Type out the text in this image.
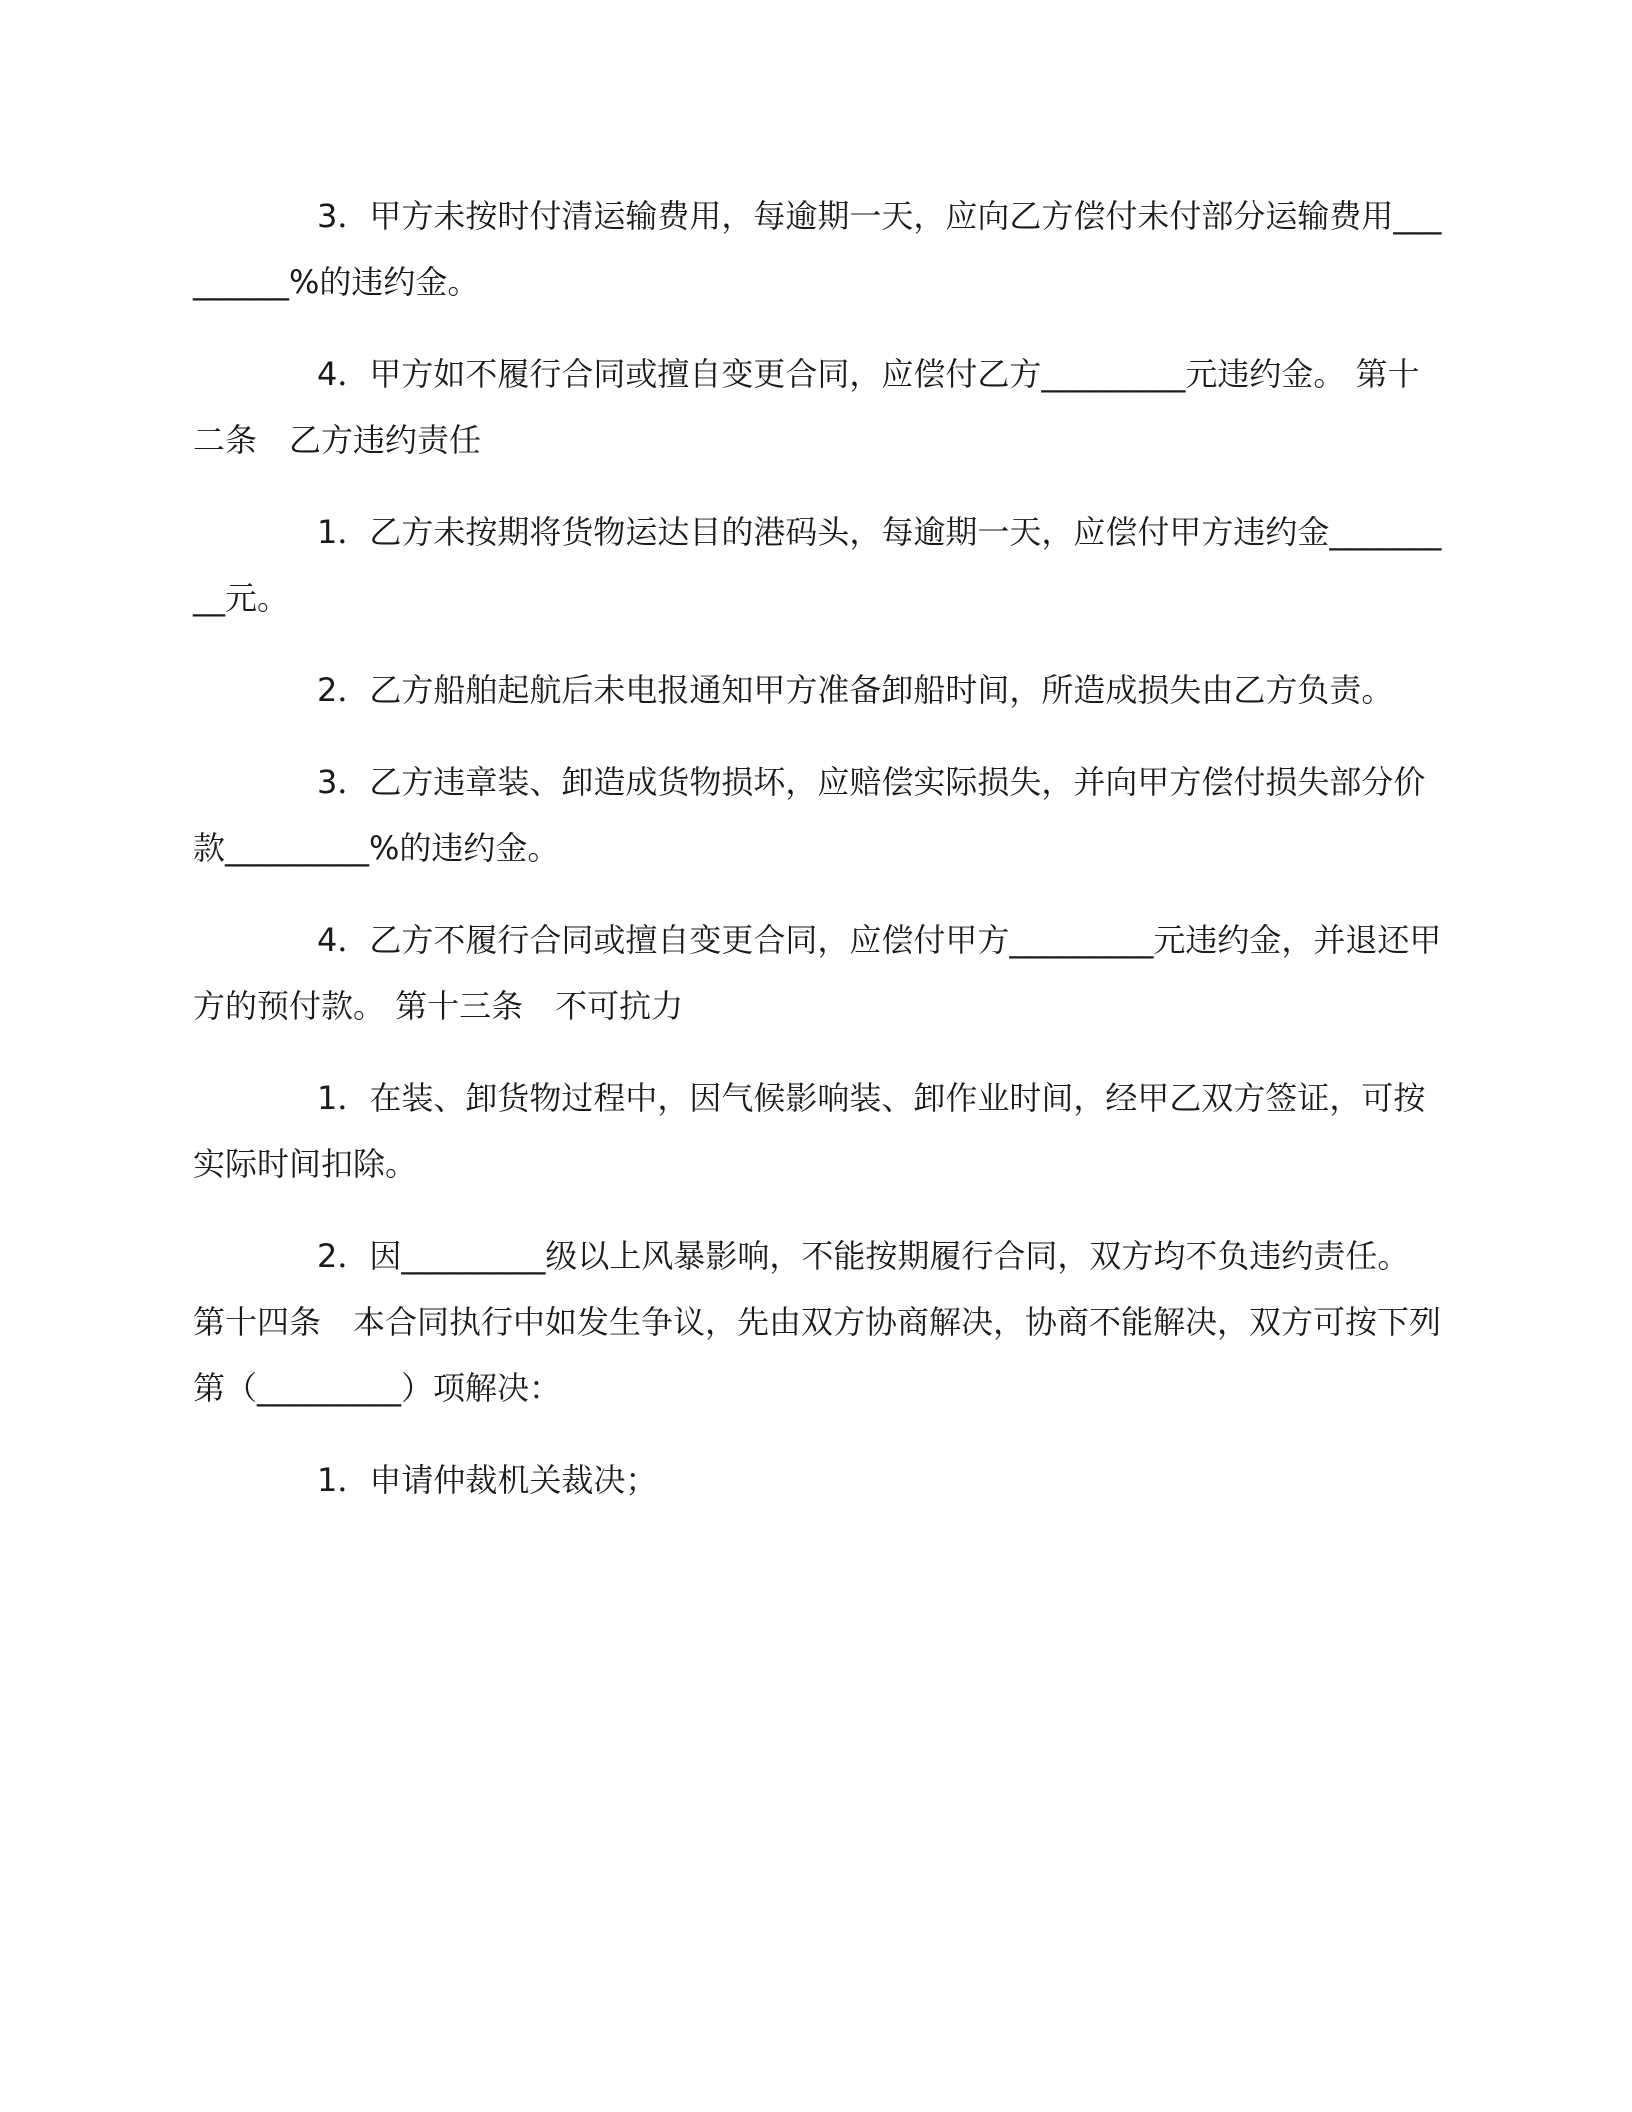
3．甲方未按时付清运输费用，每逾期一天，应向乙方偿付未付部分运输费用_________%的违约金。

4．甲方如不履行合同或擅自变更合同，应偿付乙方_________元违约金。 第十二条　乙方违约责任

1．乙方未按期将货物运达目的港码头，每逾期一天，应偿付甲方违约金_________元。

2．乙方船舶起航后未电报通知甲方准备卸船时间，所造成损失由乙方负责。

3．乙方违章装、卸造成货物损坏，应赔偿实际损失，并向甲方偿付损失部分价款_________%的违约金。

4．乙方不履行合同或擅自变更合同，应偿付甲方_________元违约金，并退还甲方的预付款。 第十三条　不可抗力

1．在装、卸货物过程中，因气候影响装、卸作业时间，经甲乙双方签证，可按实际时间扣除。

2．因_________级以上风暴影响，不能按期履行合同，双方均不负违约责任。 第十四条　本合同执行中如发生争议，先由双方协商解决，协商不能解决，双方可按下列第（_________）项解决：

1．申请仲裁机关裁决；
